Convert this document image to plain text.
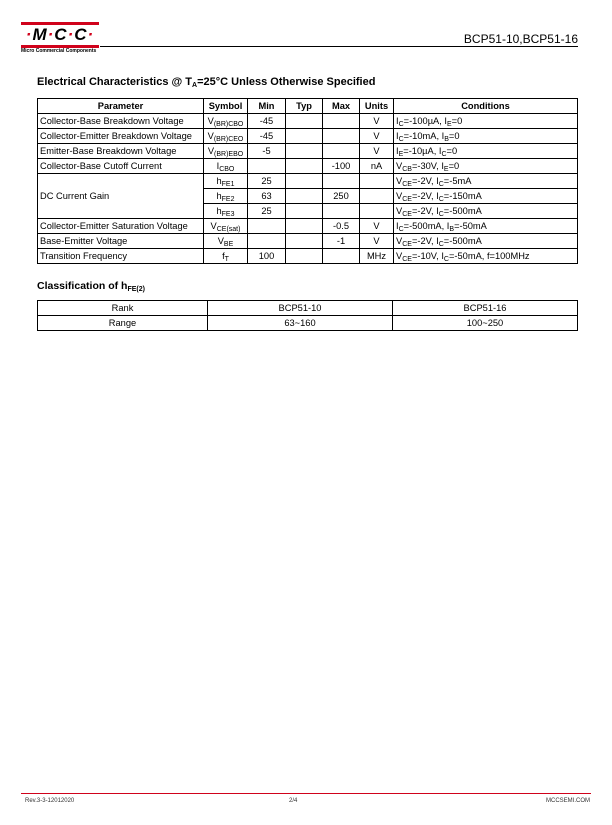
·M·C·C·
Micro Commercial Components
BCP51-10,BCP51-16
Electrical Characteristics @ $T_A=25^\circ C$ Unless Otherwise Specified
Parameter	Symbol	Min	Typ	Max	Units	Conditions
Collector-Base Breakdown Voltage	$V_{(BR)CBO}$	-45			V	$I_C=-100\mu A$, $I_E=0$
Collector-Emitter Breakdown Voltage	$V_{(BR)CEO}$	-45			V	$I_C=-10mA$, $I_B=0$
Emitter-Base Breakdown Voltage	$V_{(BR)EBO}$	-5			V	$I_E=-10\mu A$, $I_C=0$
Collector-Base Cutoff Current	$I_{CBO}$			-100	nA	$V_{CB}=-30V$, $I_E=0$
DC Current Gain	$h_{FE1}$	25				$V_{CE}=-2V$, $I_C=-5mA$
	$h_{FE2}$	63		250		$V_{CE}=-2V$, $I_C=-150mA$
	$h_{FE3}$	25				$V_{CE}=-2V$, $I_C=-500mA$
Collector-Emitter Saturation Voltage	$V_{CE(sat)}$			-0.5	V	$I_C=-500mA$, $I_B=-50mA$
Base-Emitter Voltage	$V_{BE}$			-1	V	$V_{CE}=-2V$, $I_C=-500mA$
Transition Frequency	$f_T$	100			MHz	$V_{CE}=-10V$, $I_C=-50mA$, f=100MHz
Classification of $h_{FE(2)}$
Rank	BCP51-10	BCP51-16
Range	63~160	100~250
Rev.3-3-12012020	2/4	MCCSEMI.COM
